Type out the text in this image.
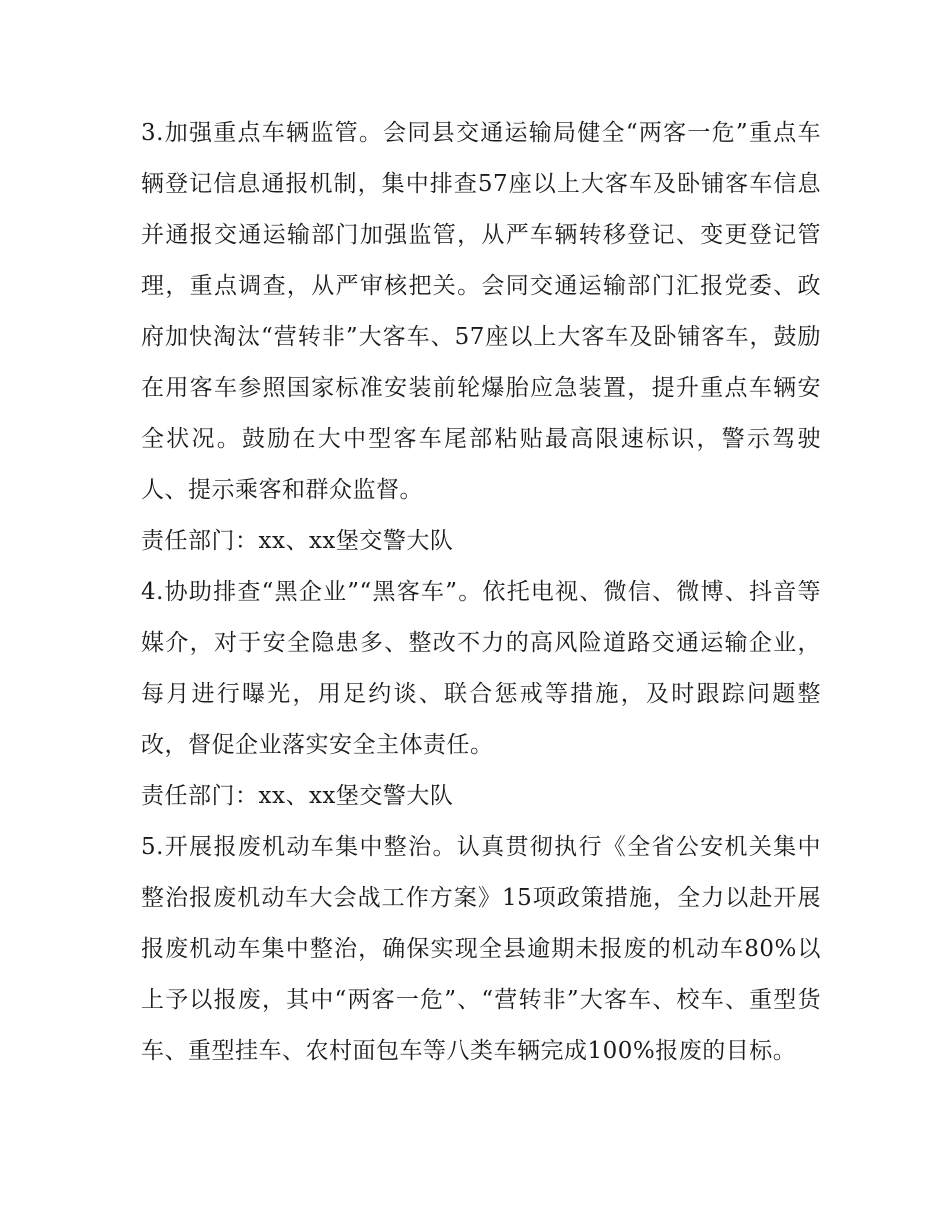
3.加强重点车辆监管。会同县交通运输局健全“两客一危”重点车辆登记信息通报机制，集中排查57座以上大客车及卧铺客车信息并通报交通运输部门加强监管，从严车辆转移登记、变更登记管理，重点调查，从严审核把关。会同交通运输部门汇报党委、政府加快淘汰“营转非”大客车、57座以上大客车及卧铺客车，鼓励在用客车参照国家标准安装前轮爆胎应急装置，提升重点车辆安全状况。鼓励在大中型客车尾部粘贴最高限速标识，警示驾驶人、提示乘客和群众监督。

责任部门：xx、xx堡交警大队

4.协助排查“黑企业”“黑客车”。依托电视、微信、微博、抖音等媒介，对于安全隐患多、整改不力的高风险道路交通运输企业，每月进行曝光，用足约谈、联合惩戒等措施，及时跟踪问题整改，督促企业落实安全主体责任。

责任部门：xx、xx堡交警大队

5.开展报废机动车集中整治。认真贯彻执行《全省公安机关集中整治报废机动车大会战工作方案》15项政策措施，全力以赴开展报废机动车集中整治，确保实现全县逾期未报废的机动车80%以上予以报废，其中“两客一危”、“营转非”大客车、校车、重型货车、重型挂车、农村面包车等八类车辆完成100%报废的目标。
